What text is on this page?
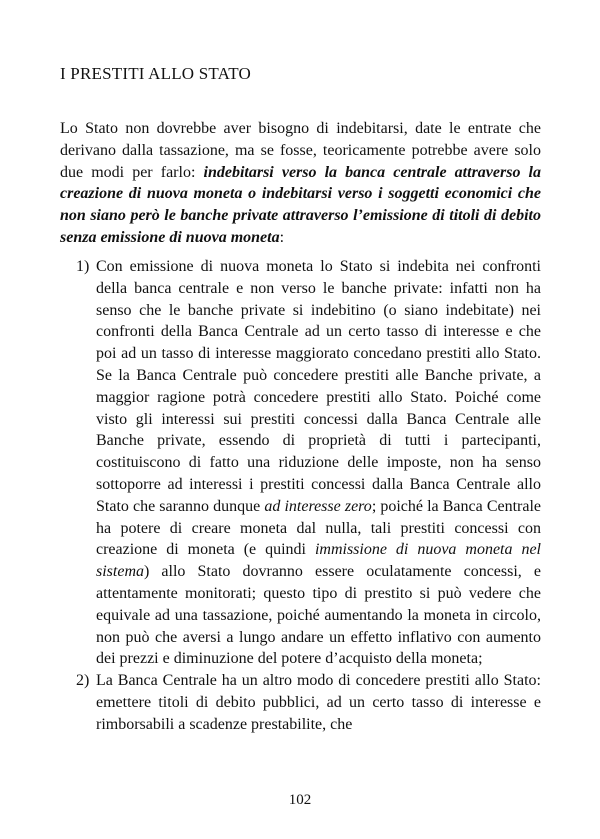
I PRESTITI ALLO STATO

Lo Stato non dovrebbe aver bisogno di indebitarsi, date le entrate che derivano dalla tassazione, ma se fosse, teoricamente potrebbe avere solo due modi per farlo: indebitarsi verso la banca centrale attraverso la creazione di nuova moneta o indebitarsi verso i soggetti economici che non siano però le banche private attraverso l’emissione di titoli di debito senza emissione di nuova moneta:

1) Con emissione di nuova moneta lo Stato si indebita nei confronti della banca centrale e non verso le banche private: infatti non ha senso che le banche private si indebitino (o siano indebitate) nei confronti della Banca Centrale ad un certo tasso di interesse e che poi ad un tasso di interesse maggiorato concedano prestiti allo Stato. Se la Banca Centrale può concedere prestiti alle Banche private, a maggior ragione potrà concedere prestiti allo Stato. Poiché come visto gli interessi sui prestiti concessi dalla Banca Centrale alle Banche private, essendo di proprietà di tutti i partecipanti, costituiscono di fatto una riduzione delle imposte, non ha senso sottoporre ad interessi i prestiti concessi dalla Banca Centrale allo Stato che saranno dunque ad interesse zero; poiché la Banca Centrale ha potere di creare moneta dal nulla, tali prestiti concessi con creazione di moneta (e quindi immissione di nuova moneta nel sistema) allo Stato dovranno essere oculatamente concessi, e attentamente monitorati; questo tipo di prestito si può vedere che equivale ad una tassazione, poiché aumentando la moneta in circolo, non può che aversi a lungo andare un effetto inflativo con aumento dei prezzi e diminuzione del potere d’acquisto della moneta;
2) La Banca Centrale ha un altro modo di concedere prestiti allo Stato: emettere titoli di debito pubblici, ad un certo tasso di interesse e rimborsabili a scadenze prestabilite, che
102
